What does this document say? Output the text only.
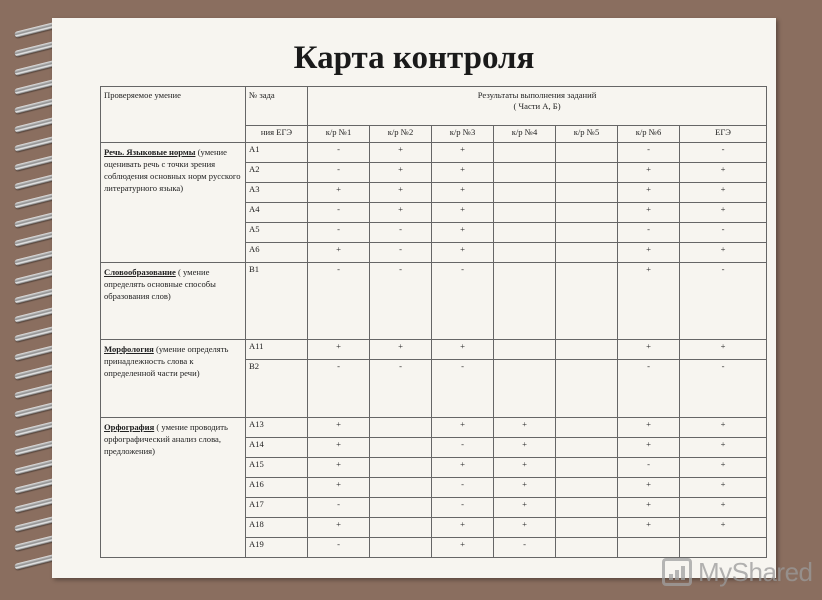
Карта контроля
Проверяемое умение	№ зада	Результаты выполнения заданий
( Части А, Б)						

	ния ЕГЭ	к/р №1	к/р №2	к/р №3	к/р №4	к/р №5	к/р №6	ЕГЭ
Речь. Языковые нормы (умение оценивать речь с точки зрения соблюдения основных норм русского литературного языка)	А1	-	+	+			-	-
	А2	-	+	+			+	+
	А3	+	+	+			+	+
	А4	-	+	+			+	+
	А5	-	-	+			-	-
	А6	+	-	+			+	+
Словообразование ( умение определять основные способы образования слов)	В1	-	-	-			+	-
Морфология (умение определять принадлежность слова к определенной части речи)	А11	+	+	+			+	+
	В2	-	-	-			-	-
Орфография ( умение проводить орфографический анализ слова, предложения)	А13	+		+	+		+	+
	А14	+		-	+		+	+
	А15	+		+	+		-	+
	А16	+		-	+		+	+
	А17	-		-	+		+	+
	А18	+		+	+		+	+
	А19	-		+	-			
MyShared
